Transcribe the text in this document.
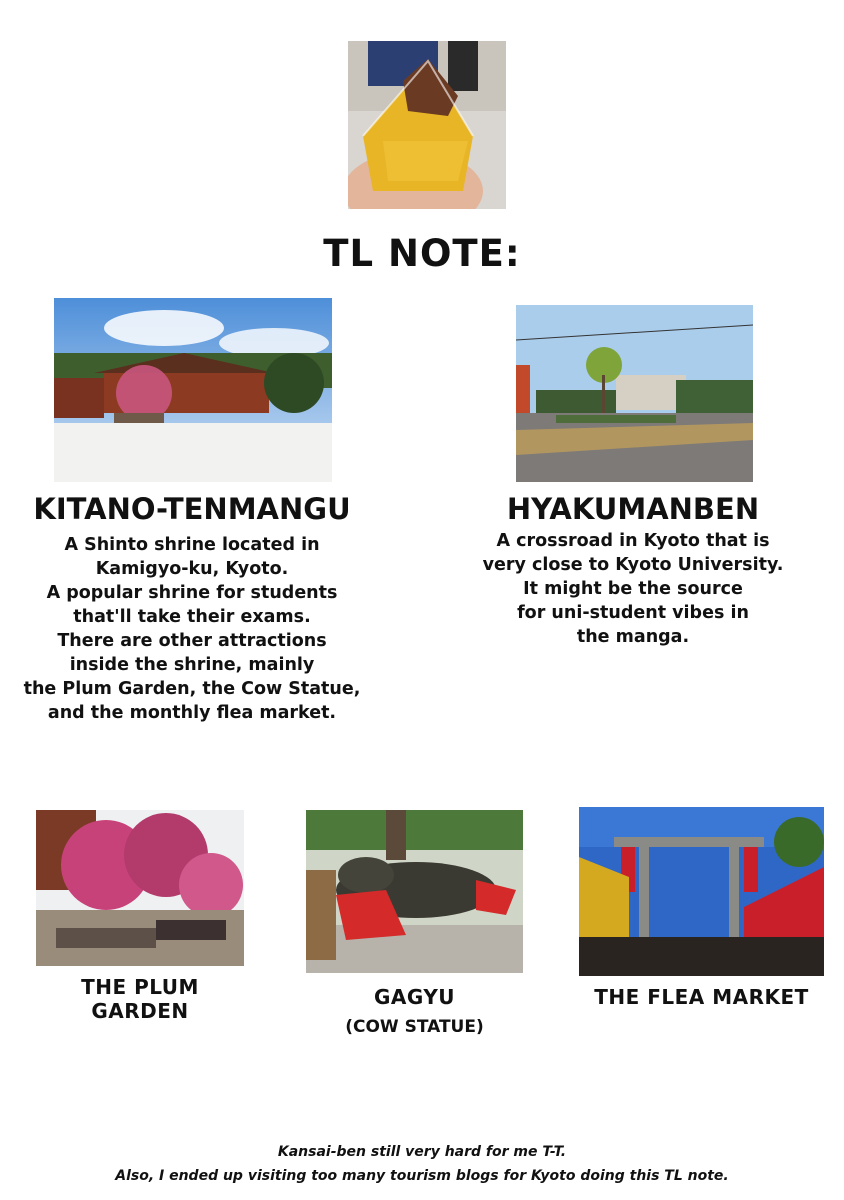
TL NOTE:
KITANO-TENMANGU
A Shinto shrine located in
Kamigyo-ku, Kyoto.
A popular shrine for students
that'll take their exams.
There are other attractions
inside the shrine, mainly
the Plum Garden, the Cow Statue,
and the monthly flea market.
HYAKUMANBEN
A crossroad in Kyoto that is
very close to Kyoto University.
It might be the source
for uni-student vibes in
the manga.
THE PLUM GARDEN
GAGYU
(COW STATUE)
THE FLEA MARKET
Kansai-ben still very hard for me T-T.
Also, I ended up visiting too many tourism blogs for Kyoto doing this TL note.
